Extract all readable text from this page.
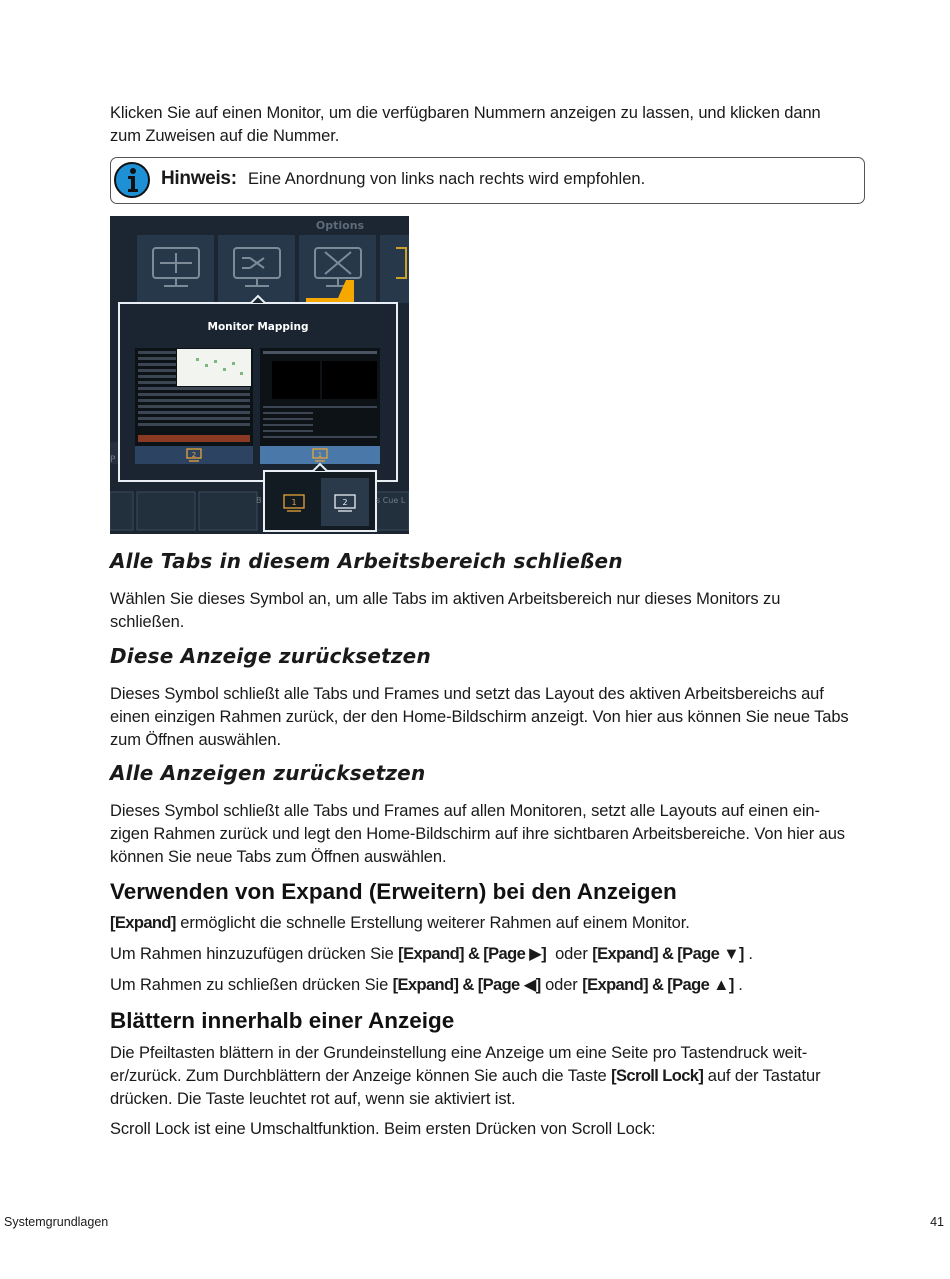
Klicken Sie auf einen Monitor, um die verfügbaren Nummern anzeigen zu lassen, und klicken dann zum Zuweisen auf die Nummer.

Hinweis: Eine Anordnung von links nach rechts wird empfohlen.
Options
P
Monitor Mapping
2	1
B	s Cue L
1	2
Alle Tabs in diesem Arbeitsbereich schließen

Wählen Sie dieses Symbol an, um alle Tabs im aktiven Arbeitsbereich nur dieses Monitors zu schließen.

Diese Anzeige zurücksetzen

Dieses Symbol schließt alle Tabs und Frames und setzt das Layout des aktiven Arbeitsbereichs auf einen einzigen Rahmen zurück, der den Home-Bildschirm anzeigt. Von hier aus können Sie neue Tabs zum Öffnen auswählen.

Alle Anzeigen zurücksetzen

Dieses Symbol schließt alle Tabs und Frames auf allen Monitoren, setzt alle Layouts auf einen ein-zigen Rahmen zurück und legt den Home-Bildschirm auf ihre sichtbaren Arbeitsbereiche. Von hier aus können Sie neue Tabs zum Öffnen auswählen.

Verwenden von Expand (Erweitern) bei den Anzeigen

[Expand] ermöglicht die schnelle Erstellung weiterer Rahmen auf einem Monitor.

Um Rahmen hinzuzufügen drücken Sie [Expand] & [Page ▶] oder [Expand] & [Page ▼] .

Um Rahmen zu schließen drücken Sie [Expand] & [Page ◀] oder [Expand] & [Page ▲] .

Blättern innerhalb einer Anzeige

Die Pfeiltasten blättern in der Grundeinstellung eine Anzeige um eine Seite pro Tastendruck weit-er/zurück. Zum Durchblättern der Anzeige können Sie auch die Taste [Scroll Lock] auf der Tastatur drücken. Die Taste leuchtet rot auf, wenn sie aktiviert ist.

Scroll Lock ist eine Umschaltfunktion. Beim ersten Drücken von Scroll Lock:

Systemgrundlagen	41
